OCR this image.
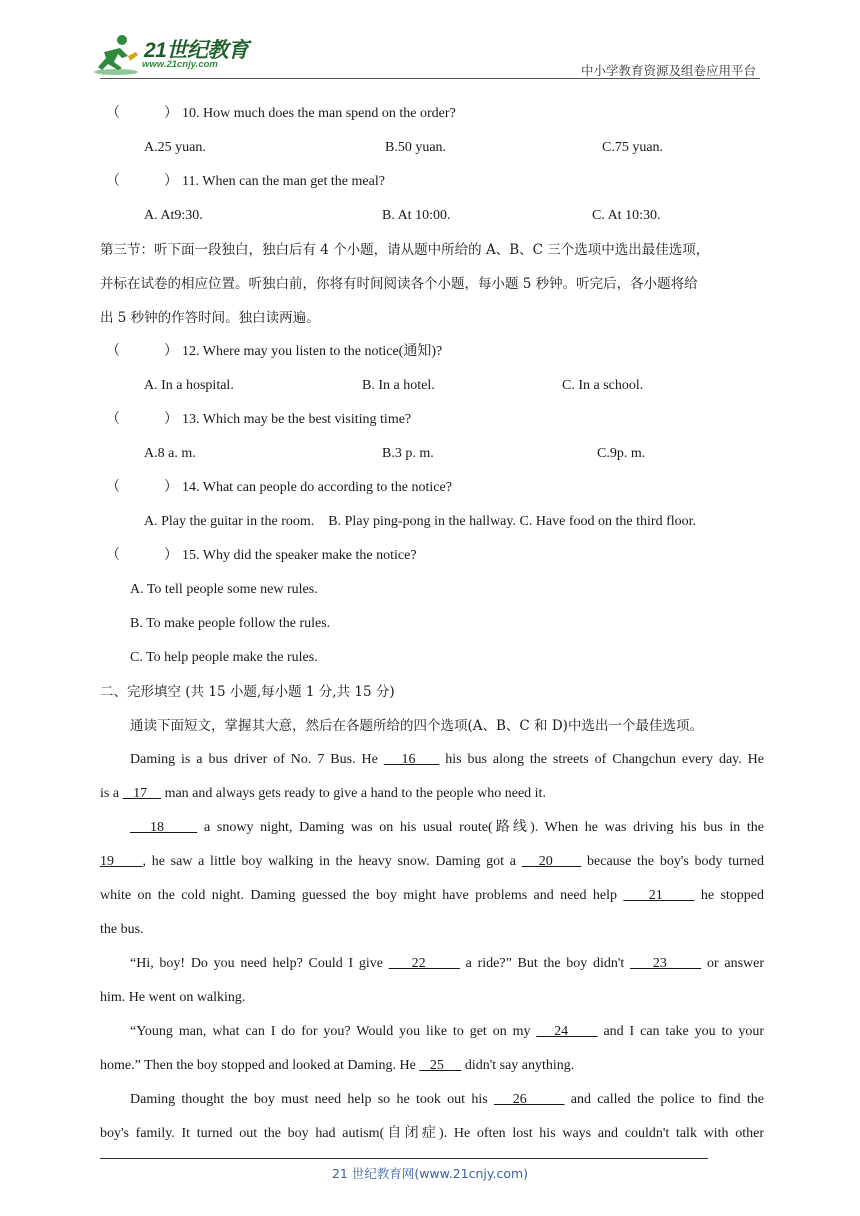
21世纪教育
www.21cnjy.com	中小学教育资源及组卷应用平台
（	） 10. How much does the man spend on the order?
A.25 yuan.	B.50 yuan.	C.75 yuan.
（	） 11. When can the man get the meal?
A. At9:30.	B. At 10:00.	C. At 10:30.
第三节：听下面一段独白，独白后有 4 个小题，请从题中所给的 A、B、C 三个选项中选出最佳选项，
并标在试卷的相应位置。听独白前，你将有时间阅读各个小题，每小题 5 秒钟。听完后，各小题将给
出 5 秒钟的作答时间。独白读两遍。
（	） 12. Where may you listen to the notice(通知)?
A. In a hospital.	B. In a hotel.	C. In a school.
（	） 13. Which may be the best visiting time?
A.8 a. m.	B.3 p. m.	C.9p. m.
（	） 14. What can people do according to the notice?
A. Play the guitar in the room.    B. Play ping-pong in the hallway. C. Have food on the third floor.
（	） 15. Why did the speaker make the notice?
A. To tell people some new rules.
B. To make people follow the rules.
C. To help people make the rules.
二、完形填空 (共 15 小题,每小题 1 分,共 15 分)
通读下面短文，掌握其大意，然后在各题所给的四个选项(A、B、C 和 D)中选出一个最佳选项。
Daming is a bus driver of No. 7 Bus. He    16     his bus along the streets of Changchun every day. He
is a    17     man and always gets ready to give a hand to the people who need it.
18      a snowy night, Daming was on his usual route(路线). When he was driving his bus in the
19     , he saw a little boy walking in the heavy snow. Daming got a    20      because the boy's body turned
white on the cold night. Daming guessed the boy might have problems and need help     21      he stopped
the bus.
“Hi, boy! Do you need help? Could I give     22       a ride?” But the boy didn't     23       or answer
him. He went on walking.
“Young man, what can I do for you? Would you like to get on my    24      and I can take you to your
home.” Then the boy stopped and looked at Daming. He    25      didn't say anything.
Daming thought the boy must need help so he took out his    26       and called the police to find the
boy's family. It turned out the boy had autism(自闭症). He often lost his ways and couldn't talk with other
21 世纪教育网(www.21cnjy.com)
